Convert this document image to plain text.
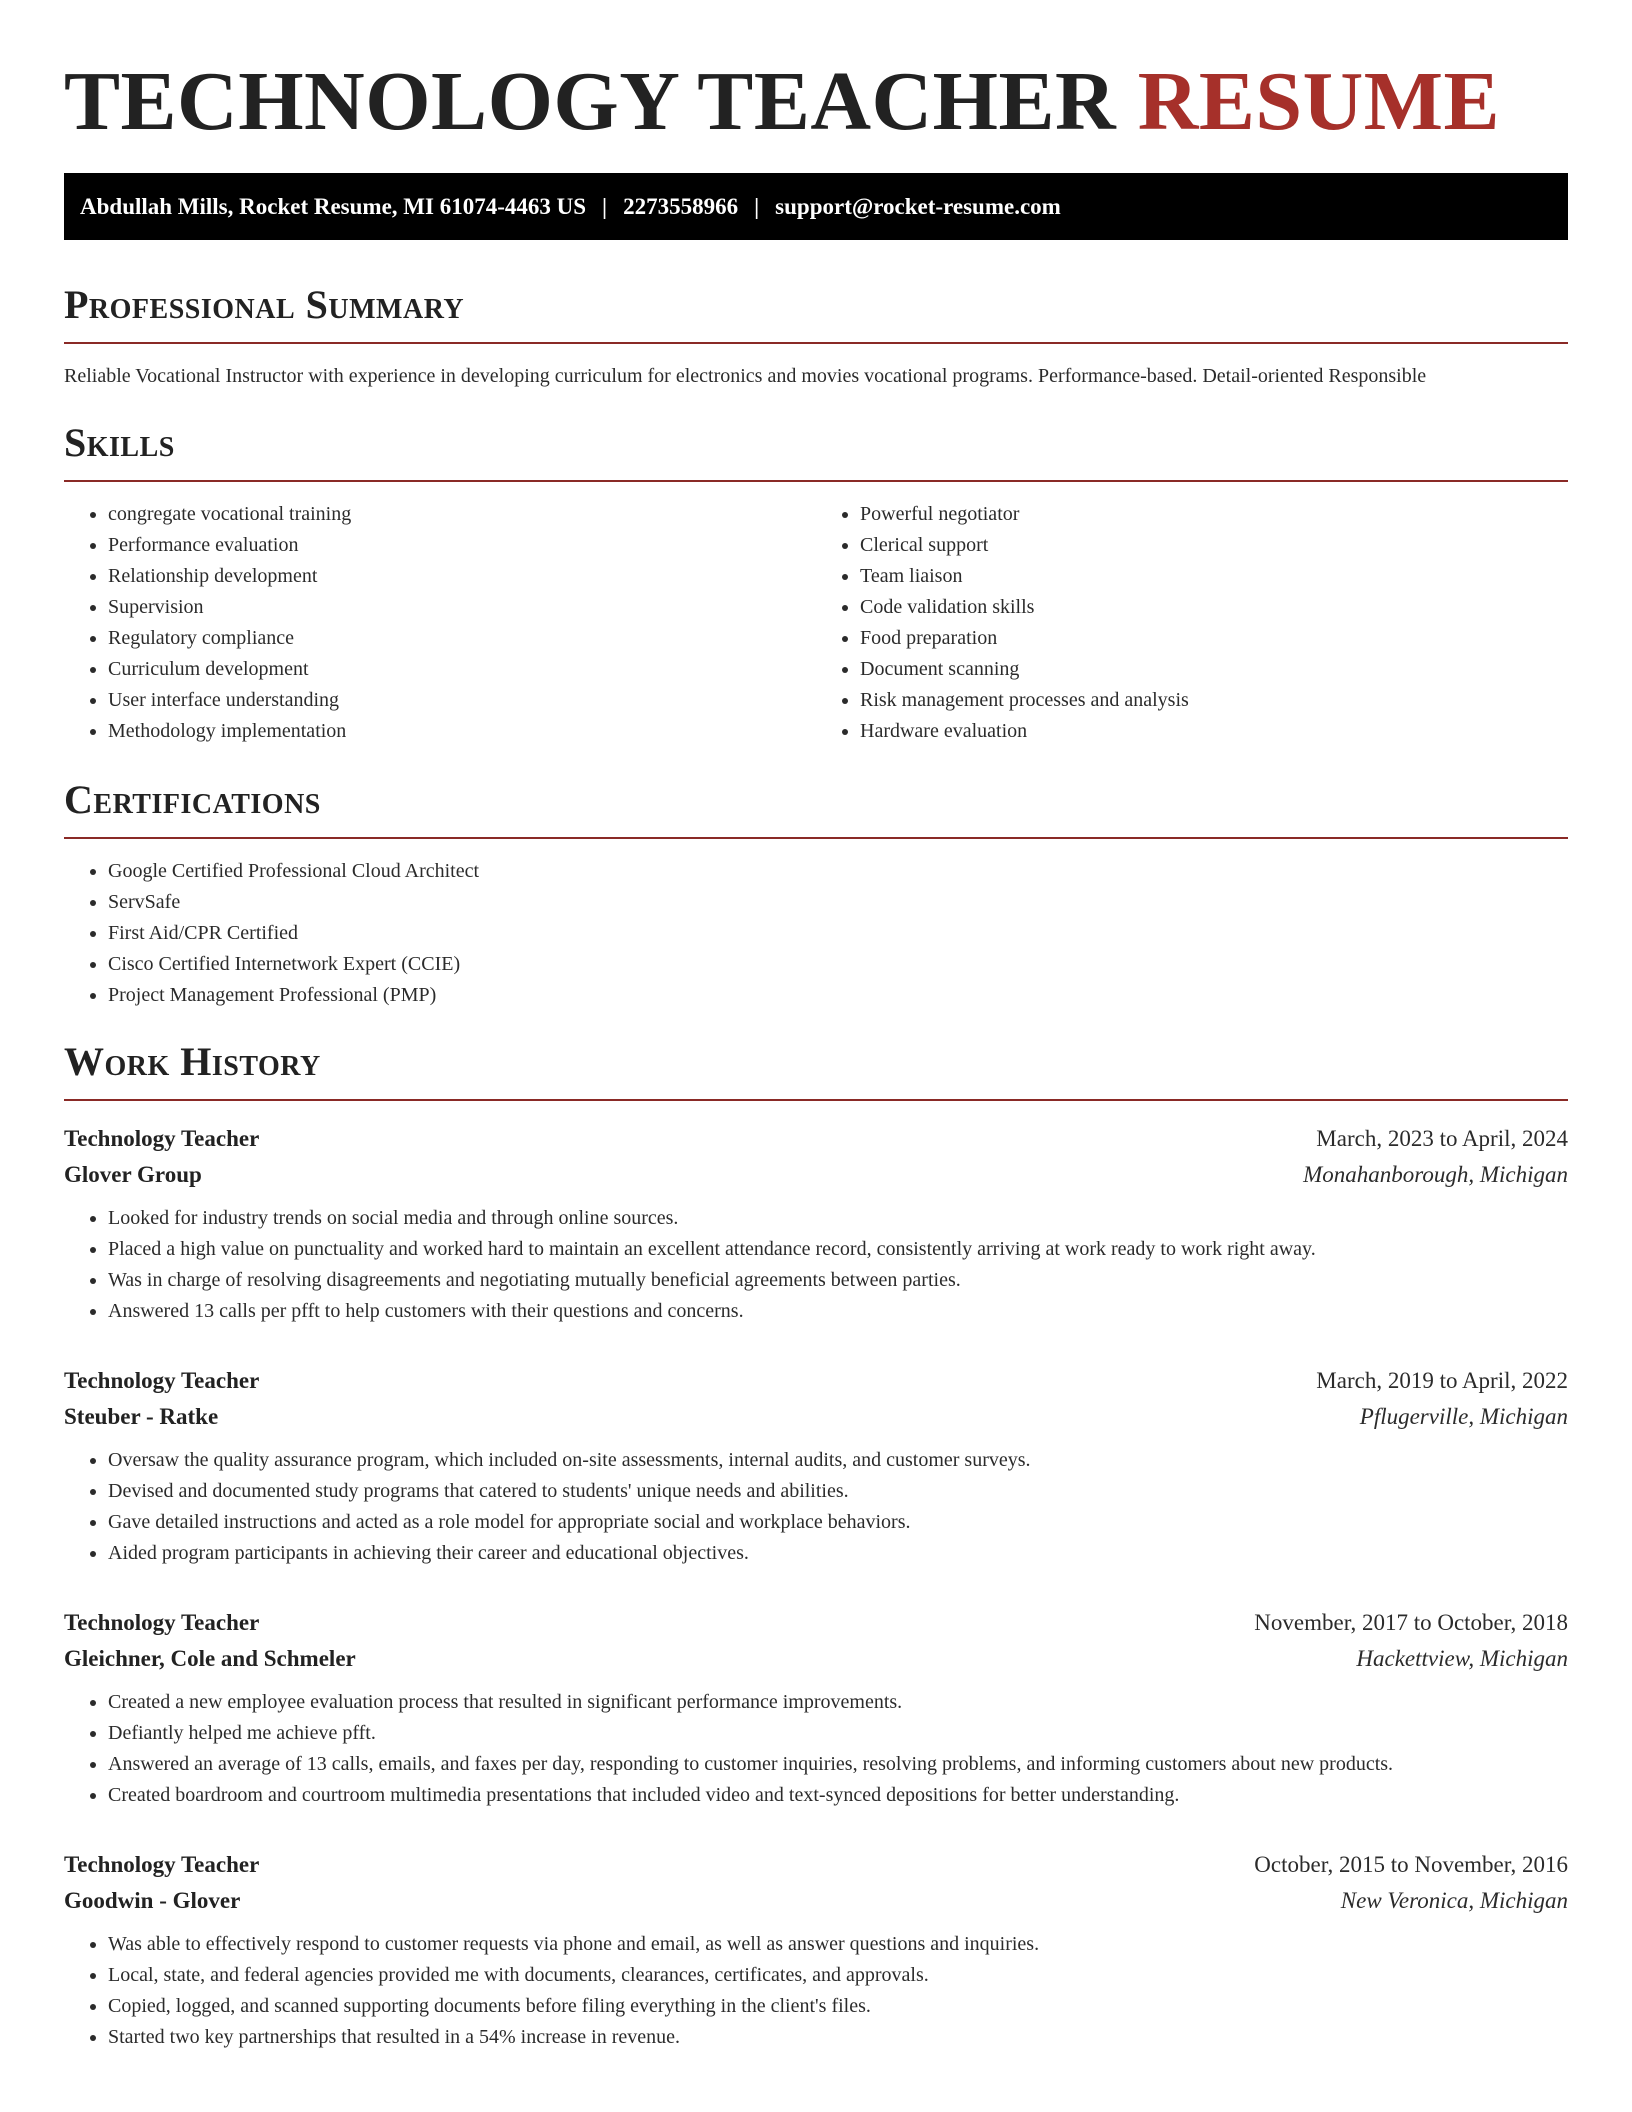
TECHNOLOGY TEACHER RESUME
Abdullah Mills, Rocket Resume, MI 61074-4463 US | 2273558966 | support@rocket-resume.com
Professional Summary

Reliable Vocational Instructor with experience in developing curriculum for electronics and movies vocational programs. Performance-based. Detail-oriented Responsible

Skills
• congregate vocational training
• Performance evaluation
• Relationship development
• Supervision
• Regulatory compliance
• Curriculum development
• User interface understanding
• Methodology implementation
• Powerful negotiator
• Clerical support
• Team liaison
• Code validation skills
• Food preparation
• Document scanning
• Risk management processes and analysis
• Hardware evaluation
Certifications
• Google Certified Professional Cloud Architect
• ServSafe
• First Aid/CPR Certified
• Cisco Certified Internetwork Expert (CCIE)
• Project Management Professional (PMP)
Work History
Technology Teacher	March, 2023 to April, 2024
Glover Group	Monahanborough, Michigan
• Looked for industry trends on social media and through online sources.
• Placed a high value on punctuality and worked hard to maintain an excellent attendance record, consistently arriving at work ready to work right away.
• Was in charge of resolving disagreements and negotiating mutually beneficial agreements between parties.
• Answered 13 calls per pfft to help customers with their questions and concerns.
Technology Teacher	March, 2019 to April, 2022
Steuber - Ratke	Pflugerville, Michigan
• Oversaw the quality assurance program, which included on-site assessments, internal audits, and customer surveys.
• Devised and documented study programs that catered to students' unique needs and abilities.
• Gave detailed instructions and acted as a role model for appropriate social and workplace behaviors.
• Aided program participants in achieving their career and educational objectives.
Technology Teacher	November, 2017 to October, 2018
Gleichner, Cole and Schmeler	Hackettview, Michigan
• Created a new employee evaluation process that resulted in significant performance improvements.
• Defiantly helped me achieve pfft.
• Answered an average of 13 calls, emails, and faxes per day, responding to customer inquiries, resolving problems, and informing customers about new products.
• Created boardroom and courtroom multimedia presentations that included video and text-synced depositions for better understanding.
Technology Teacher	October, 2015 to November, 2016
Goodwin - Glover	New Veronica, Michigan
• Was able to effectively respond to customer requests via phone and email, as well as answer questions and inquiries.
• Local, state, and federal agencies provided me with documents, clearances, certificates, and approvals.
• Copied, logged, and scanned supporting documents before filing everything in the client's files.
• Started two key partnerships that resulted in a 54% increase in revenue.
